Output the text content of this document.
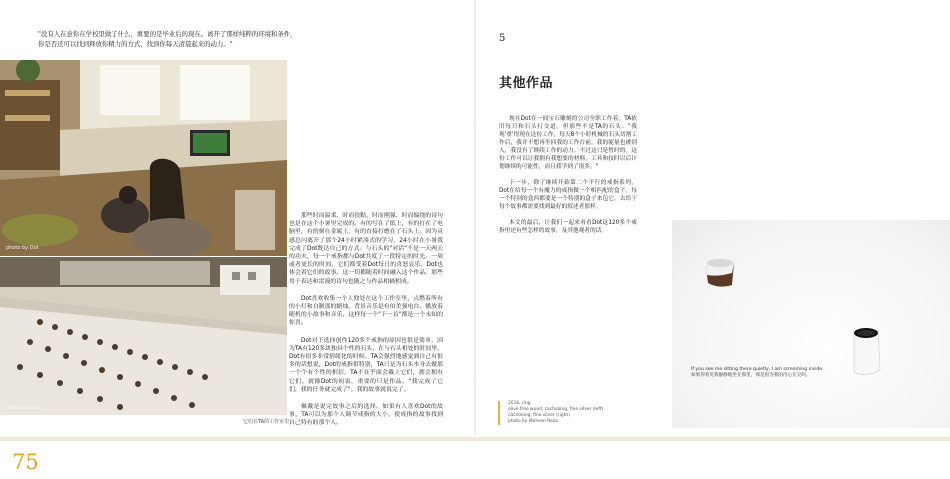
"没有人在意你在学校里做了什么，重要的是毕业后的现在。离开了那样纯粹的环境和条件，你是否还可以找到释放你精力的方式，找到你每天清晨起来的动力。"
photo by Dot
photo by Dot
它们在TA的工作室里

那些时而温柔、时而狡黠，时而刚强、时而编绕的诗句也是在这个小暑里完成的。有的写在了纸上，有的打在了电脑里，有的刻在金属上，有的直接打磨在了石头上。因为灵感总闪离开了那个24小时紧凑式的学习，24小时在小暑我完成了Dot既达自己的方式。与石头的"对话"不是一天两天的功夫，每一个戒指都与Dot共度了一段特定的时光。一周或者更长的时间，它们都受着Dot每日的喜怒哀乐。Dot也体会着它们的故事。这一切都随着时间融入这个作品。那些用于表达和雷漫的诗句也随之与作品相辅相成。

Dot喜欢收集一个人独处在这个工作室里，点燃着所有的小灯和自制那的蜡烛。背景音乐是有伯美强电台。播放着随机的小故事和音乐，这样每一个"下一首"都是一个未知的惊喜。

Dot对于选择创作120多个戒指的原因也很是简单，因为TA有120多块独具个性的石头，在与石头相处的时间里，Dot有很多非常情绪化的时候。TA会强烈地感觉到自己有很多的话想说，Dot的戒指很特别，TA只是为石头本身去做那一个个有个性的相信，TA不在乎面会戴上它们，拥会拥有它们。就像Dot的初衷，重要的只是作品。"我完成了它们，我的任务就完成了"。我的故事就说完了。

佩戴是说完故事之后的选择。如果有人喜欢Dot的故事，TA可以为那个人调节戒指的大小，使戒指的故事找到自己特有的那个人。

5
其他作品

现在Dot在一间宝石雕刻的公司全职工作着。TA依旧每日和石头打交道。但那些不是TA的石头："我现'重'得现在这份工作，每天8个小时机械的石头切割工作后，我并不想再坐回我的工作台前。我的能量也被别人，我没有了继续工作的动力。不过这只是暂时的。这份工作可以让我拥有我想要的材料，工具和技时以后计划继续的可能性，而且我学到了很多。"

下一步，除了继续开始第二个平行的戒指系列，Dot在给每一个有魔力的戒指做一个相匹配的盒子。每一个特别的盒西都要是一个特别的盒子来包它，去给于每个故事都需要找到最好的叙述者那样。

本文的最后，让我们一起来看看Dot这120多个戒指里还有些怎样的故事，及其他观者的话。

If you see me sitting there quietly, I am screaming inside.
如果你看见我静静地坐在那里，那是因为我的内心在尖叫。
2016, ring
olive tree wood, cacholong, fine silver (left)
cacholong, fine silver (right)
photo by Mohsen Reza
75
